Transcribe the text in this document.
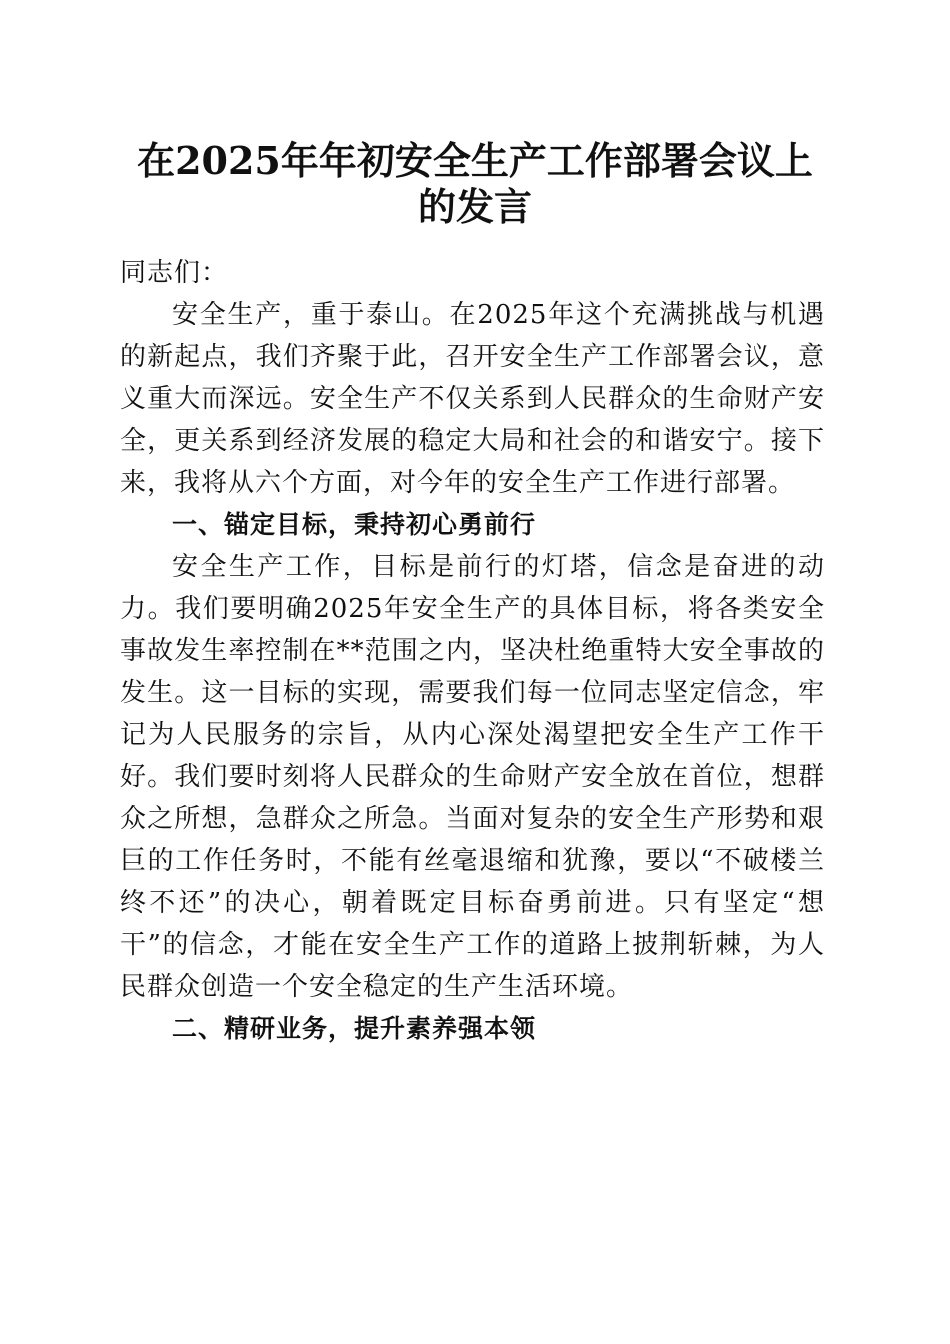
在2025年年初安全生产工作部署会议上的发言

同志们：

安全生产，重于泰山。在2025年这个充满挑战与机遇的新起点，我们齐聚于此，召开安全生产工作部署会议，意义重大而深远。安全生产不仅关系到人民群众的生命财产安全，更关系到经济发展的稳定大局和社会的和谐安宁。接下来，我将从六个方面，对今年的安全生产工作进行部署。

一、锚定目标，秉持初心勇前行

安全生产工作，目标是前行的灯塔，信念是奋进的动力。我们要明确2025年安全生产的具体目标，将各类安全事故发生率控制在**范围之内，坚决杜绝重特大安全事故的发生。这一目标的实现，需要我们每一位同志坚定信念，牢记为人民服务的宗旨，从内心深处渴望把安全生产工作干好。我们要时刻将人民群众的生命财产安全放在首位，想群众之所想，急群众之所急。当面对复杂的安全生产形势和艰巨的工作任务时，不能有丝毫退缩和犹豫，要以“不破楼兰终不还”的决心，朝着既定目标奋勇前进。只有坚定“想干”的信念，才能在安全生产工作的道路上披荆斩棘，为人民群众创造一个安全稳定的生产生活环境。

二、精研业务，提升素养强本领
